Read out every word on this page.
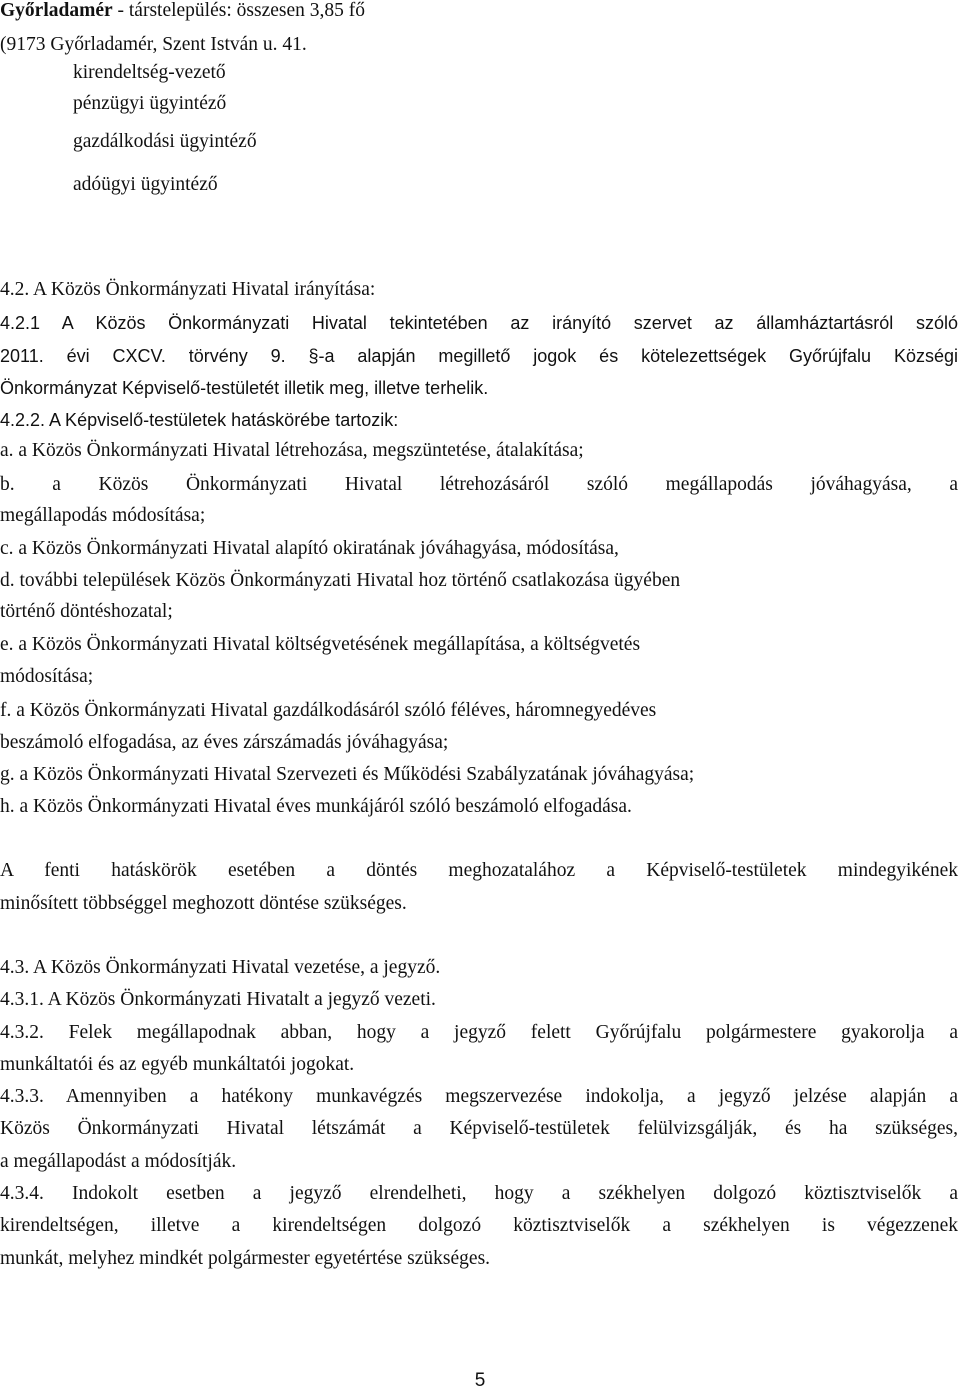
Győrladamér - társtelepülés: összesen 3,85 fő
(9173 Győrladamér, Szent István u. 41.
kirendeltség-vezető
pénzügyi ügyintéző
gazdálkodási ügyintéző
adóügyi ügyintéző
4.2. A Közös Önkormányzati Hivatal irányítása:
4.2.1 A Közös Önkormányzati Hivatal tekintetében az irányító szervet az államháztartásról szóló
2011. évi CXCV. törvény 9. §-a alapján megillető jogok és kötelezettségek Győrújfalu Községi
Önkormányzat Képviselő-testületét illetik meg, illetve terhelik.
4.2.2. A Képviselő-testületek hatáskörébe tartozik:
a. a Közös Önkormányzati Hivatal létrehozása, megszüntetése, átalakítása;
b. a Közös Önkormányzati Hivatal létrehozásáról szóló megállapodás jóváhagyása, a
megállapodás módosítása;
c. a Közös Önkormányzati Hivatal alapító okiratának jóváhagyása, módosítása,
d. további települések Közös Önkormányzati Hivatal hoz történő csatlakozása ügyében
történő döntéshozatal;
e. a Közös Önkormányzati Hivatal költségvetésének megállapítása, a költségvetés
módosítása;
f. a Közös Önkormányzati Hivatal gazdálkodásáról szóló féléves, háromnegyedéves
beszámoló elfogadása, az éves zárszámadás jóváhagyása;
g. a Közös Önkormányzati Hivatal Szervezeti és Működési Szabályzatának jóváhagyása;
h. a Közös Önkormányzati Hivatal éves munkájáról szóló beszámoló elfogadása.
A fenti hatáskörök esetében a döntés meghozatalához a Képviselő-testületek mindegyikének
minősített többséggel meghozott döntése szükséges.
4.3. A Közös Önkormányzati Hivatal vezetése, a jegyző.
4.3.1. A Közös Önkormányzati Hivatalt a jegyző vezeti.
4.3.2. Felek megállapodnak abban, hogy a jegyző felett Győrújfalu polgármestere gyakorolja a
munkáltatói és az egyéb munkáltatói jogokat.
4.3.3. Amennyiben a hatékony munkavégzés megszervezése indokolja, a jegyző jelzése alapján a
Közös Önkormányzati Hivatal létszámát a Képviselő-testületek felülvizsgálják, és ha szükséges,
a megállapodást a módosítják.
4.3.4. Indokolt esetben a jegyző elrendelheti, hogy a székhelyen dolgozó köztisztviselők a
kirendeltségen, illetve a kirendeltségen dolgozó köztisztviselők a székhelyen is végezzenek
munkát, melyhez mindkét polgármester egyetértése szükséges.
5
